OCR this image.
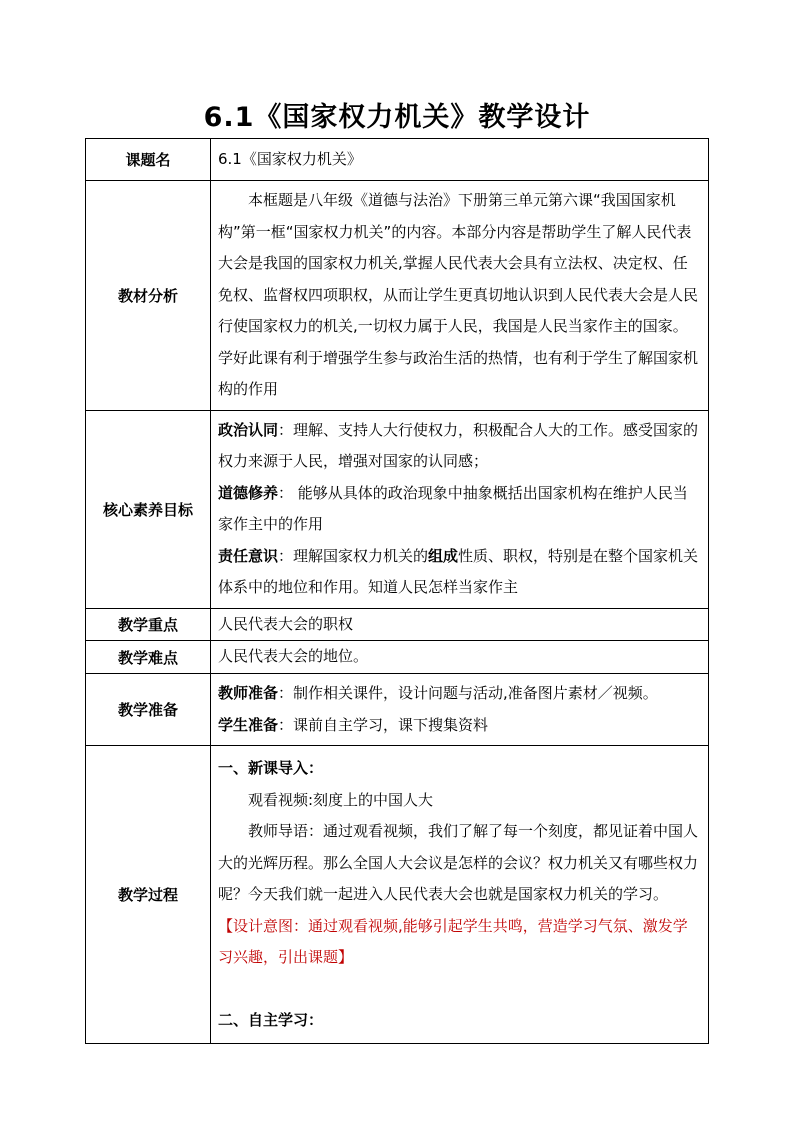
6.1《国家权力机关》教学设计
课题名	6.1《国家权力机关》
教材分析	本框题是八年级《道德与法治》下册第三单元第六课“我国国家机构”第一框“国家权力机关”的内容。本部分内容是帮助学生了解人民代表大会是我国的国家权力机关,掌握人民代表大会具有立法权、决定权、任免权、监督权四项职权，从而让学生更真切地认识到人民代表大会是人民行使国家权力的机关,一切权力属于人民，我国是人民当家作主的国家。学好此课有利于增强学生参与政治生活的热情，也有利于学生了解国家机构的作用

核心素养目标	政治认同：理解、支持人大行使权力，积极配合人大的工作。感受国家的权力来源于人民，增强对国家的认同感；

道德修养： 能够从具体的政治现象中抽象概括出国家机构在维护人民当家作主中的作用

责任意识：理解国家权力机关的组成性质、职权，特别是在整个国家机关体系中的地位和作用。知道人民怎样当家作主

教学重点	人民代表大会的职权
教学难点	人民代表大会的地位。
教学准备	教师准备：制作相关课件，设计问题与活动,准备图片素材／视频。

学生准备：课前自主学习，课下搜集资料

教学过程	一、新课导入：

观看视频:刻度上的中国人大

教师导语：通过观看视频，我们了解了每一个刻度，都见证着中国人大的光辉历程。那么全国人大会议是怎样的会议？权力机关又有哪些权力呢？今天我们就一起进入人民代表大会也就是国家权力机关的学习。

【设计意图：通过观看视频,能够引起学生共鸣，营造学习气氛、激发学习兴趣，引出课题】

二、自主学习：
